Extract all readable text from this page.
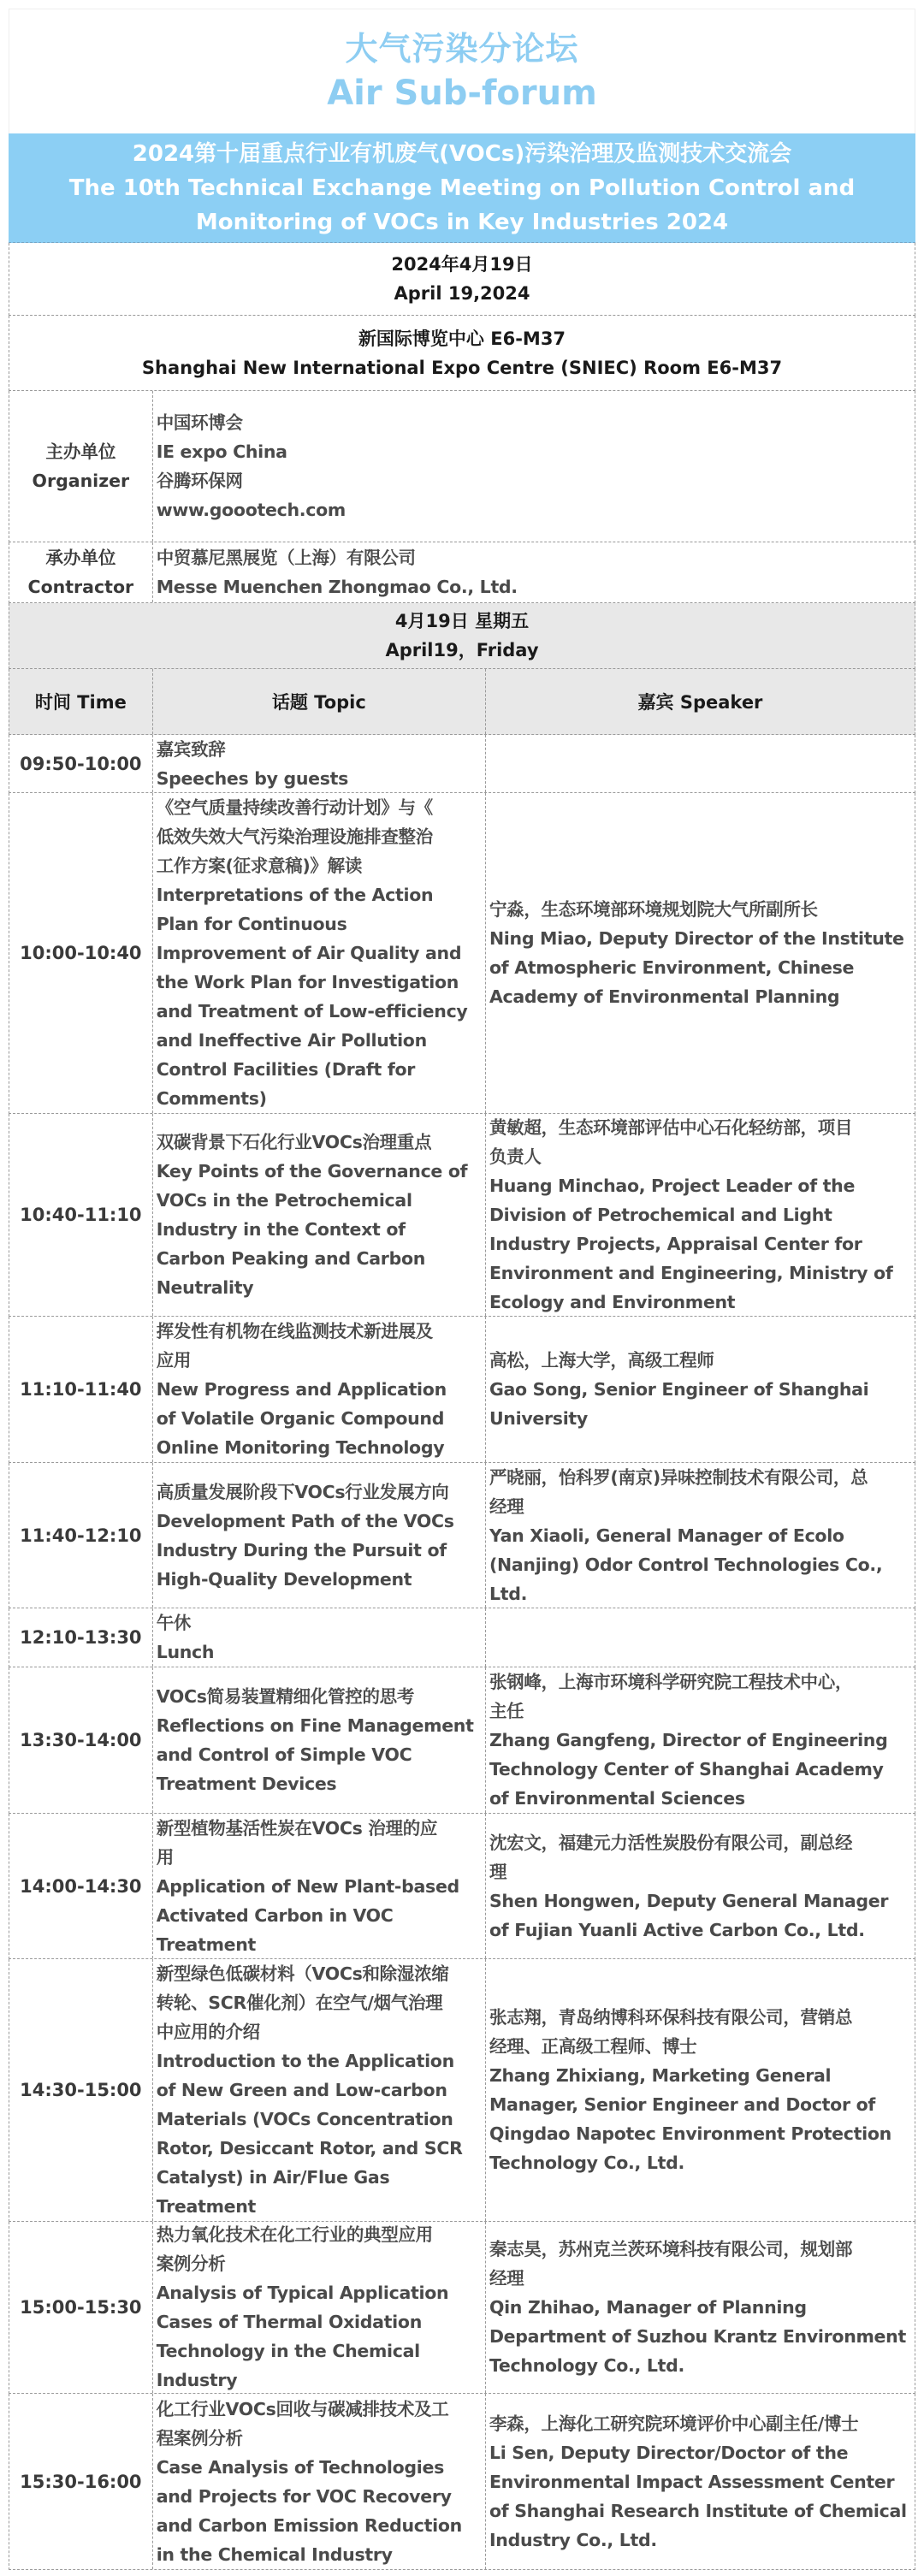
大气污染分论坛
Air Sub-forum
2024第十届重点行业有机废气(VOCs)污染治理及监测技术交流会
The 10th Technical Exchange Meeting on Pollution Control and
Monitoring of VOCs in Key Industries 2024
2024年4月19日
April 19,2024
新国际博览中心 E6-M37
Shanghai New International Expo Centre (SNIEC) Room E6-M37
主办单位
Organizer
中国环博会
IE expo China
谷腾环保网
www.goootech.com
承办单位
Contractor
中贸慕尼黑展览（上海）有限公司
Messe Muenchen Zhongmao Co., Ltd.
4月19日 星期五
April19，Friday
时间 Time	话题 Topic	嘉宾 Speaker
09:50-10:00
嘉宾致辞
Speeches by guests
10:00-10:40
《空气质量持续改善行动计划》与《
低效失效大气污染治理设施排查整治
工作方案(征求意稿)》解读
Interpretations of the Action
Plan for Continuous
Improvement of Air Quality and
the Work Plan for Investigation
and Treatment of Low-efficiency
and Ineffective Air Pollution
Control Facilities (Draft for
Comments)
宁淼，生态环境部环境规划院大气所副所长
Ning Miao, Deputy Director of the Institute
of Atmospheric Environment, Chinese
Academy of Environmental Planning
10:40-11:10
双碳背景下石化行业VOCs治理重点
Key Points of the Governance of
VOCs in the Petrochemical
Industry in the Context of
Carbon Peaking and Carbon
Neutrality
黄敏超，生态环境部评估中心石化轻纺部，项目
负责人
Huang Minchao, Project Leader of the
Division of Petrochemical and Light
Industry Projects, Appraisal Center for
Environment and Engineering, Ministry of
Ecology and Environment
11:10-11:40
挥发性有机物在线监测技术新进展及
应用
New Progress and Application
of Volatile Organic Compound
Online Monitoring Technology
高松，上海大学，高级工程师
Gao Song, Senior Engineer of Shanghai
University
11:40-12:10
高质量发展阶段下VOCs行业发展方向
Development Path of the VOCs
Industry During the Pursuit of
High-Quality Development
严晓丽，怡科罗(南京)异味控制技术有限公司，总
经理
Yan Xiaoli, General Manager of Ecolo
(Nanjing) Odor Control Technologies Co.,
Ltd.
12:10-13:30
午休
Lunch
13:30-14:00
VOCs简易装置精细化管控的思考
Reflections on Fine Management
and Control of Simple VOC
Treatment Devices
张钢峰，上海市环境科学研究院工程技术中心，
主任
Zhang Gangfeng, Director of Engineering
Technology Center of Shanghai Academy
of Environmental Sciences
14:00-14:30
新型植物基活性炭在VOCs 治理的应
用
Application of New Plant-based
Activated Carbon in VOC
Treatment
沈宏文，福建元力活性炭股份有限公司，副总经
理
Shen Hongwen, Deputy General Manager
of Fujian Yuanli Active Carbon Co., Ltd.
14:30-15:00
新型绿色低碳材料（VOCs和除湿浓缩
转轮、SCR催化剂）在空气/烟气治理
中应用的介绍
Introduction to the Application
of New Green and Low-carbon
Materials (VOCs Concentration
Rotor, Desiccant Rotor, and SCR
Catalyst) in Air/Flue Gas
Treatment
张志翔，青岛纳博科环保科技有限公司，营销总
经理、正高级工程师、博士
Zhang Zhixiang, Marketing General
Manager, Senior Engineer and Doctor of
Qingdao Napotec Environment Protection
Technology Co., Ltd.
15:00-15:30
热力氧化技术在化工行业的典型应用
案例分析
Analysis of Typical Application
Cases of Thermal Oxidation
Technology in the Chemical
Industry
秦志昊，苏州克兰茨环境科技有限公司，规划部
经理
Qin Zhihao, Manager of Planning
Department of Suzhou Krantz Environment
Technology Co., Ltd.
15:30-16:00
化工行业VOCs回收与碳减排技术及工
程案例分析
Case Analysis of Technologies
and Projects for VOC Recovery
and Carbon Emission Reduction
in the Chemical Industry
李森，上海化工研究院环境评价中心副主任/博士
Li Sen, Deputy Director/Doctor of the
Environmental Impact Assessment Center
of Shanghai Research Institute of Chemical
Industry Co., Ltd.
